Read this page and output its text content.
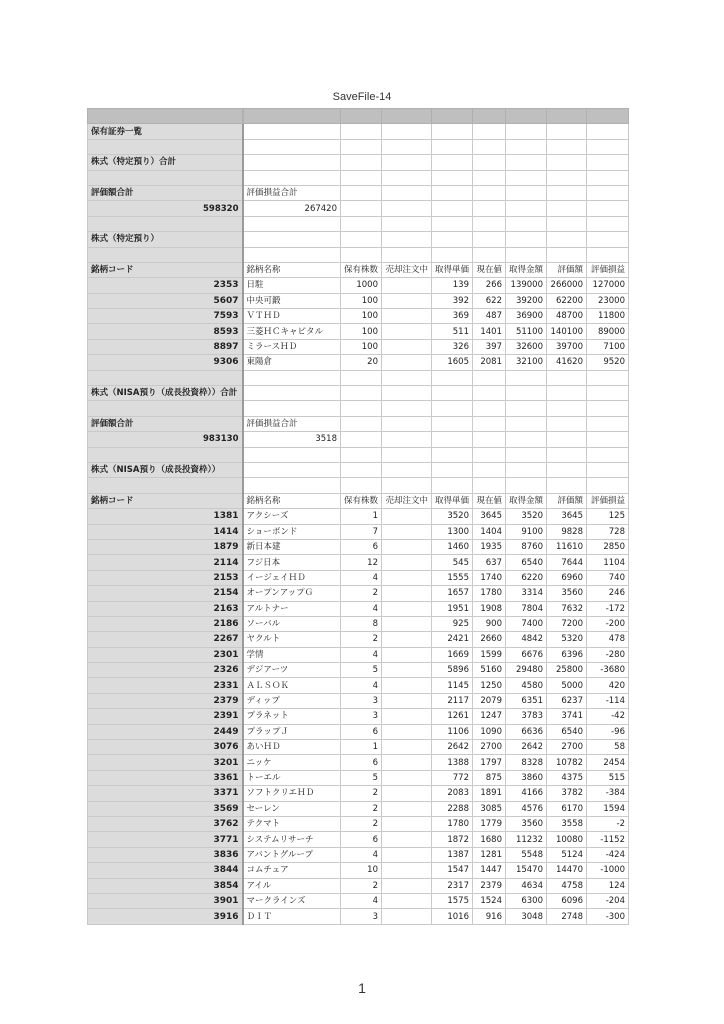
SaveFile-14

保有証券一覧								

株式（特定預り）合計								

評価額合計	評価損益合計							
598320	267420							

株式（特定預り）								

銘柄コード	銘柄名称	保有株数	売却注文中	取得単価	現在値	取得金額	評価額	評価損益
2353	日駐	1000		139	266	139000	266000	127000
5607	中央可鍛	100		392	622	39200	62200	23000
7593	ＶＴＨＤ	100		369	487	36900	48700	11800
8593	三菱ＨＣキャピタル	100		511	1401	51100	140100	89000
8897	ミラースＨＤ	100		326	397	32600	39700	7100
9306	東陽倉	20		1605	2081	32100	41620	9520

株式（NISA預り（成長投資枠））合計								

評価額合計	評価損益合計							
983130	3518							

株式（NISA預り（成長投資枠））								

銘柄コード	銘柄名称	保有株数	売却注文中	取得単価	現在値	取得金額	評価額	評価損益
1381	アクシーズ	1		3520	3645	3520	3645	125
1414	ショーボンド	7		1300	1404	9100	9828	728
1879	新日本建	6		1460	1935	8760	11610	2850
2114	フジ日本	12		545	637	6540	7644	1104
2153	イージェイＨＤ	4		1555	1740	6220	6960	740
2154	オープンアップＧ	2		1657	1780	3314	3560	246
2163	アルトナー	4		1951	1908	7804	7632	-172
2186	ソーバル	8		925	900	7400	7200	-200
2267	ヤクルト	2		2421	2660	4842	5320	478
2301	学情	4		1669	1599	6676	6396	-280
2326	デジアーツ	5		5896	5160	29480	25800	-3680
2331	ＡＬＳＯＫ	4		1145	1250	4580	5000	420
2379	ディップ	3		2117	2079	6351	6237	-114
2391	プラネット	3		1261	1247	3783	3741	-42
2449	プラップＪ	6		1106	1090	6636	6540	-96
3076	あいＨＤ	1		2642	2700	2642	2700	58
3201	ニッケ	6		1388	1797	8328	10782	2454
3361	トーエル	5		772	875	3860	4375	515
3371	ソフトクリエＨＤ	2		2083	1891	4166	3782	-384
3569	セーレン	2		2288	3085	4576	6170	1594
3762	テクマト	2		1780	1779	3560	3558	-2
3771	システムリサーチ	6		1872	1680	11232	10080	-1152
3836	アバントグループ	4		1387	1281	5548	5124	-424
3844	コムチュア	10		1547	1447	15470	14470	-1000
3854	アイル	2		2317	2379	4634	4758	124
3901	マークラインズ	4		1575	1524	6300	6096	-204
3916	ＤＩＴ	3		1016	916	3048	2748	-300
1
